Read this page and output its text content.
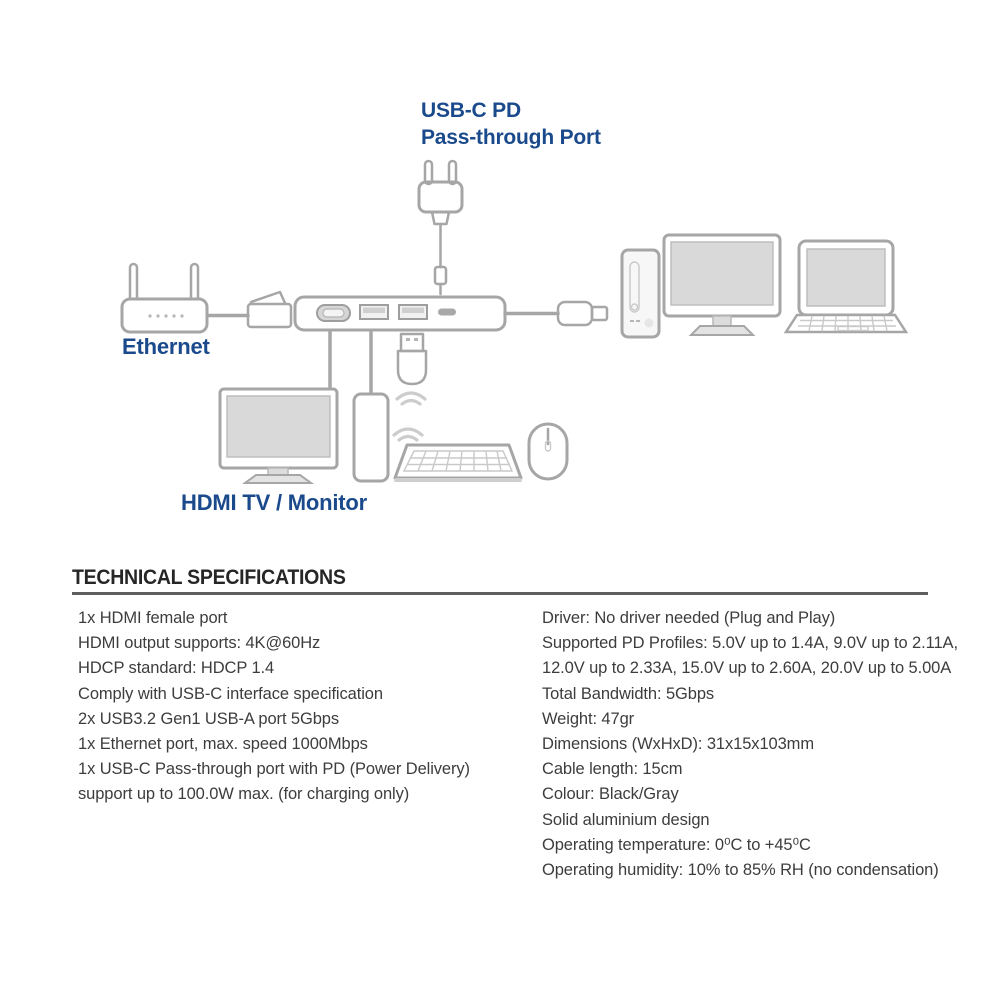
USB-C PD
Pass-through Port
Ethernet
HDMI TV / Monitor
TECHNICAL SPECIFICATIONS
1x HDMI female port
HDMI output supports: 4K@60Hz
HDCP standard: HDCP 1.4
Comply with USB-C interface specification
2x USB3.2 Gen1 USB-A port 5Gbps
1x Ethernet port, max. speed 1000Mbps
1x USB-C Pass-through port with PD (Power Delivery)
support up to 100.0W max. (for charging only)
Driver: No driver needed (Plug and Play)
Supported PD Profiles: 5.0V up to 1.4A, 9.0V up to 2.11A,
12.0V up to 2.33A, 15.0V up to 2.60A, 20.0V up to 5.00A
Total Bandwidth: 5Gbps
Weight: 47gr
Dimensions (WxHxD): 31x15x103mm
Cable length: 15cm
Colour: Black/Gray
Solid aluminium design
Operating temperature: 0⁰C to +45⁰C
Operating humidity: 10% to 85% RH (no condensation)
